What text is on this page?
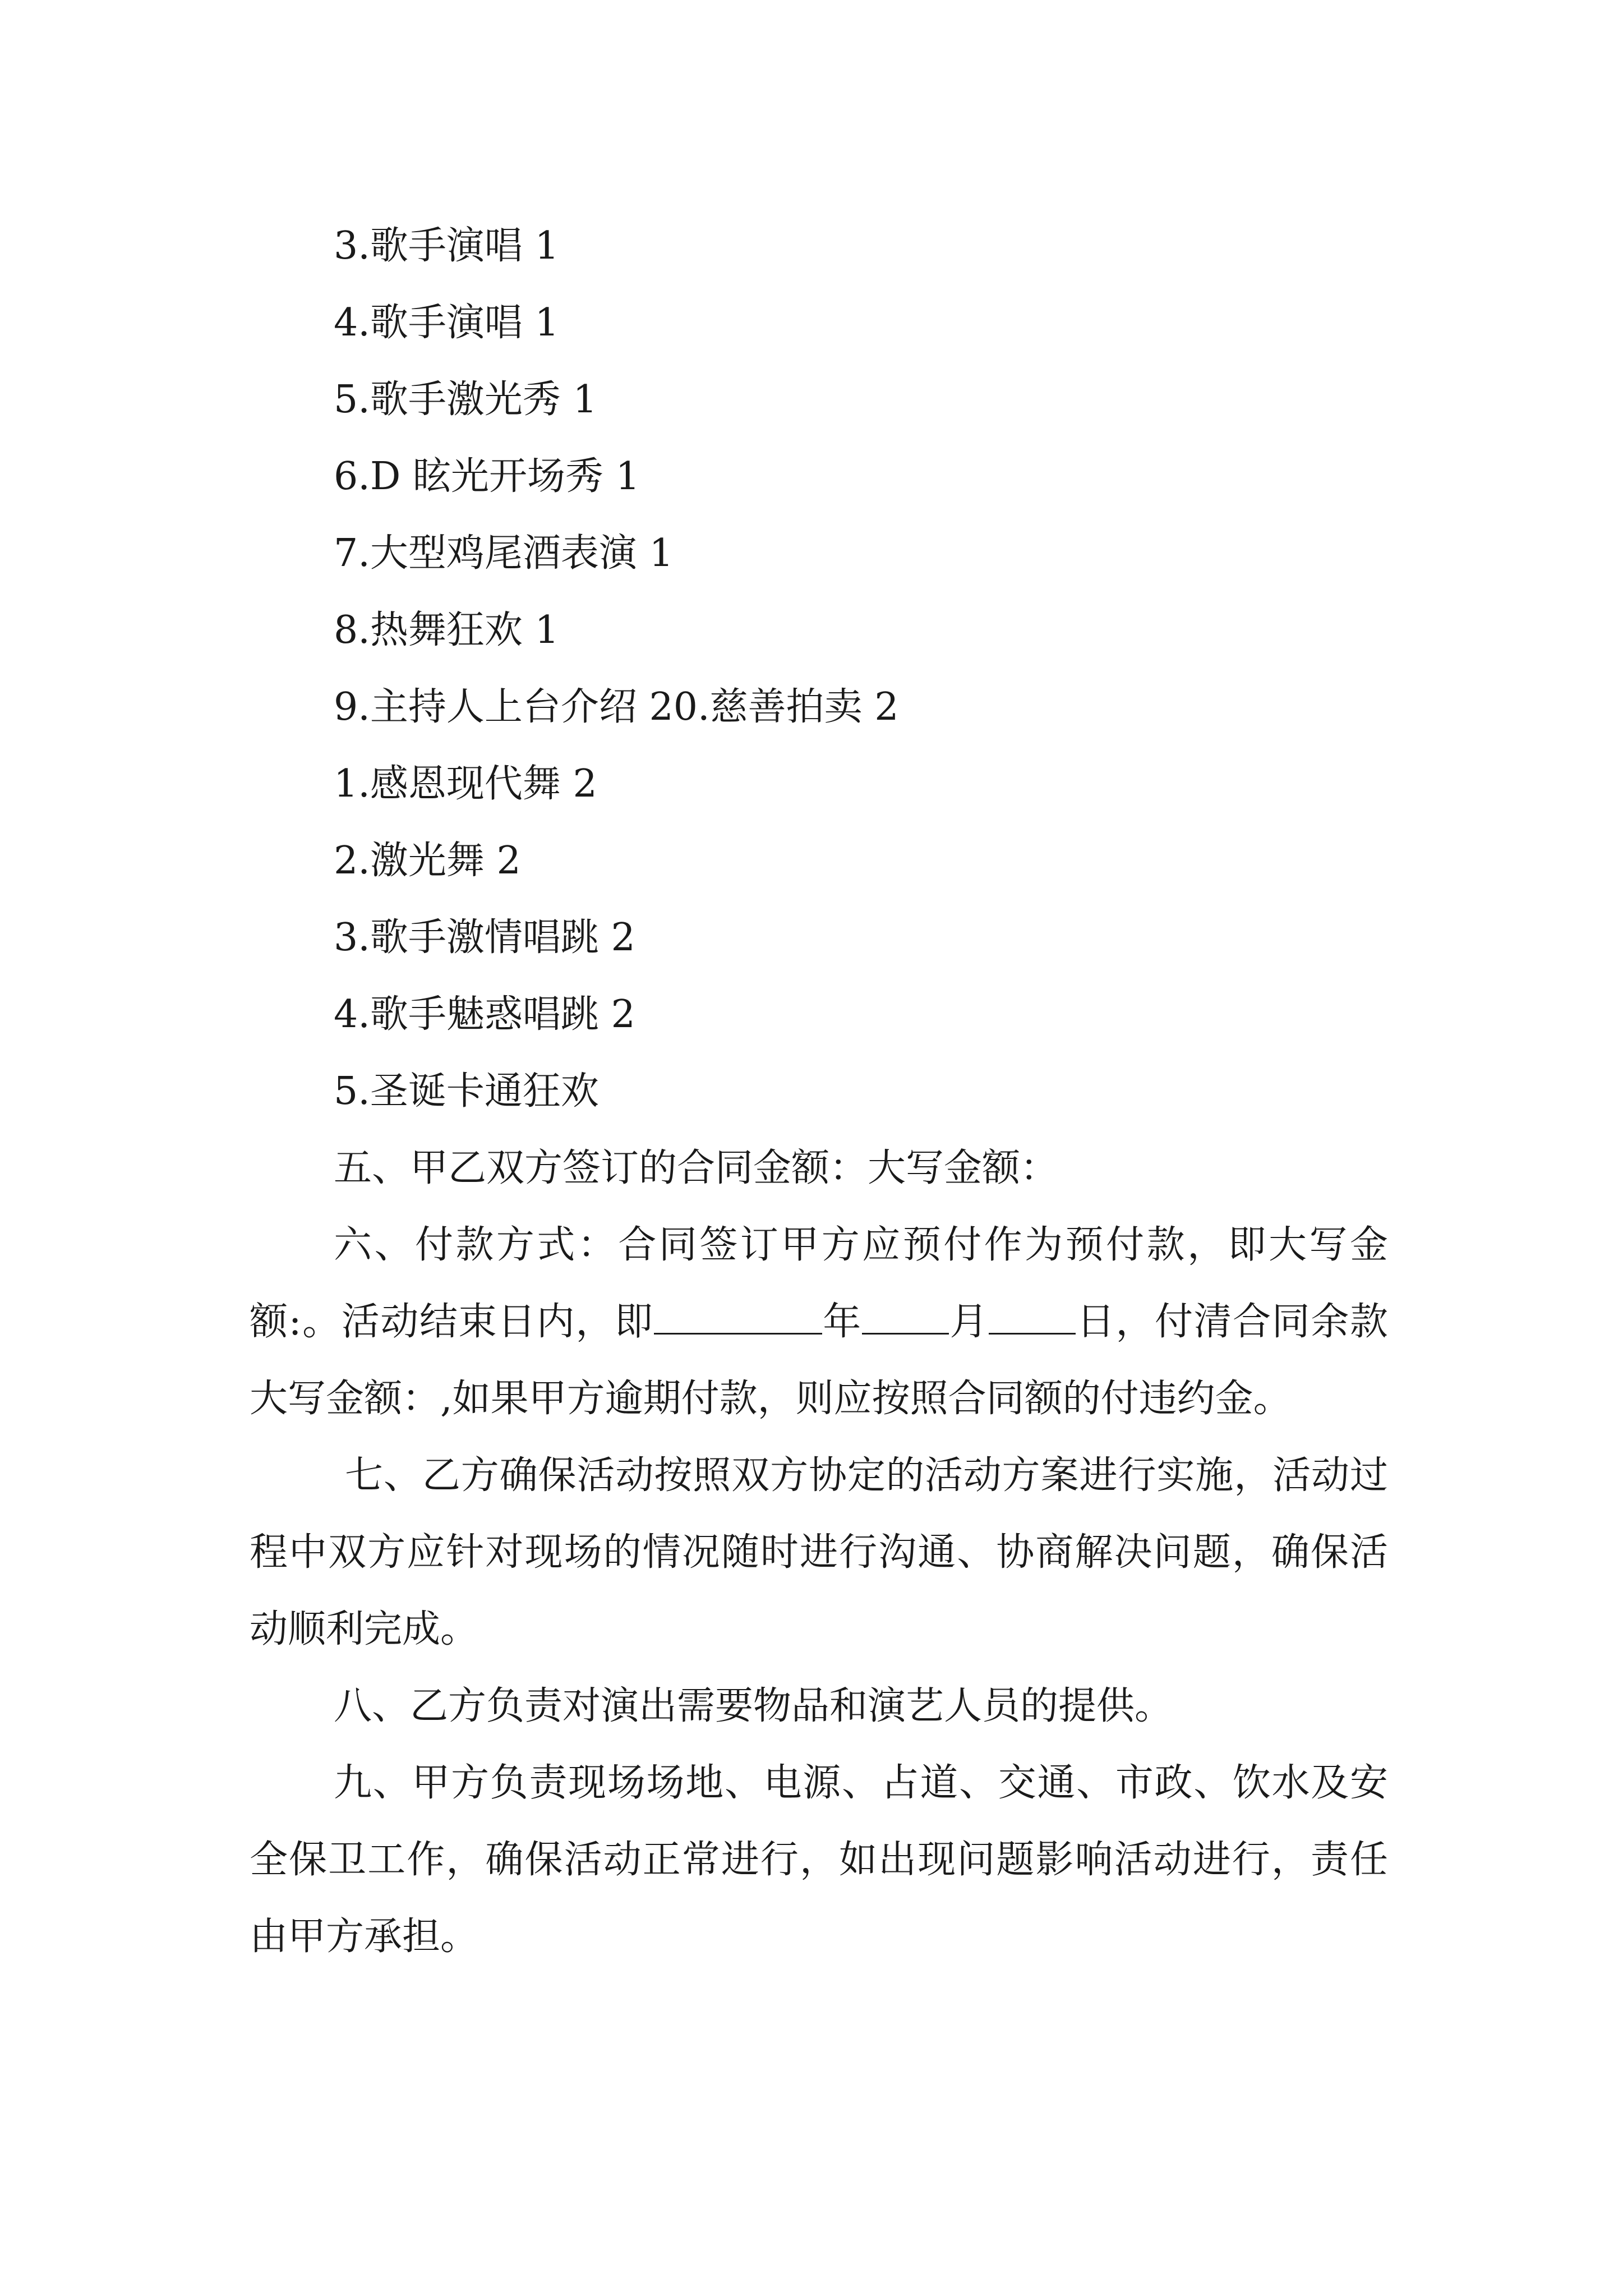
3.歌手演唱 1
4.歌手演唱 1
5.歌手激光秀 1
6.D 眩光开场秀 1
7.大型鸡尾酒表演 1
8.热舞狂欢 1
9.主持人上台介绍 20.慈善拍卖 2
1.感恩现代舞 2
2.激光舞 2
3.歌手激情唱跳 2
4.歌手魅惑唱跳 2
5.圣诞卡通狂欢

五、甲乙双方签订的合同金额：大写金额：

六、付款方式：合同签订甲方应预付作为预付款，即大写金额:。活动结束日内，即	年 月 日，付清合同余款 大写金额：,如果甲方逾期付款，则应按照合同额的付违约金。

七、乙方确保活动按照双方协定的活动方案进行实施，活动过程中双方应针对现场的情况随时进行沟通、协商解决问题，确保活动顺利完成。

八、乙方负责对演出需要物品和演艺人员的提供。

九、甲方负责现场场地、电源、占道、交通、市政、饮水及安全保卫工作，确保活动正常进行，如出现问题影响活动进行，责任由甲方承担。
